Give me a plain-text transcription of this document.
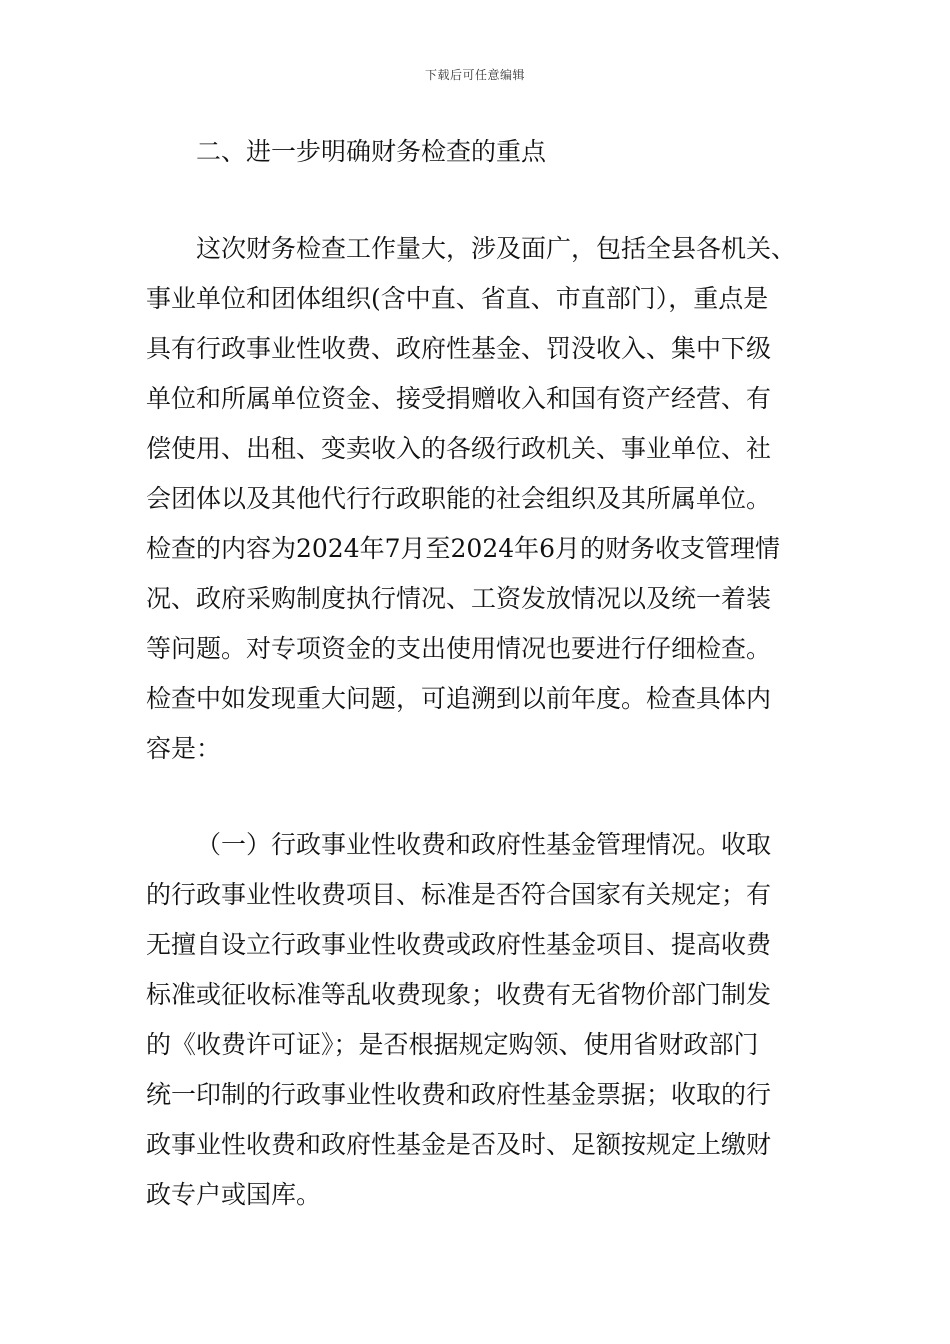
下载后可任意编辑
二、进一步明确财务检查的重点
这次财务检查工作量大，涉及面广，包括全县各机关、
事业单位和团体组织(含中直、省直、市直部门），重点是
具有行政事业性收费、政府性基金、罚没收入、集中下级
单位和所属单位资金、接受捐赠收入和国有资产经营、有
偿使用、出租、变卖收入的各级行政机关、事业单位、社
会团体以及其他代行行政职能的社会组织及其所属单位。
检查的内容为2024年7月至2024年6月的财务收支管理情
况、政府采购制度执行情况、工资发放情况以及统一着装
等问题。对专项资金的支出使用情况也要进行仔细检查。
检查中如发现重大问题，可追溯到以前年度。检查具体内
容是：
（一）行政事业性收费和政府性基金管理情况。收取
的行政事业性收费项目、标准是否符合国家有关规定；有
无擅自设立行政事业性收费或政府性基金项目、提高收费
标准或征收标准等乱收费现象；收费有无省物价部门制发
的《收费许可证》；是否根据规定购领、使用省财政部门
统一印制的行政事业性收费和政府性基金票据；收取的行
政事业性收费和政府性基金是否及时、足额按规定上缴财
政专户或国库。
